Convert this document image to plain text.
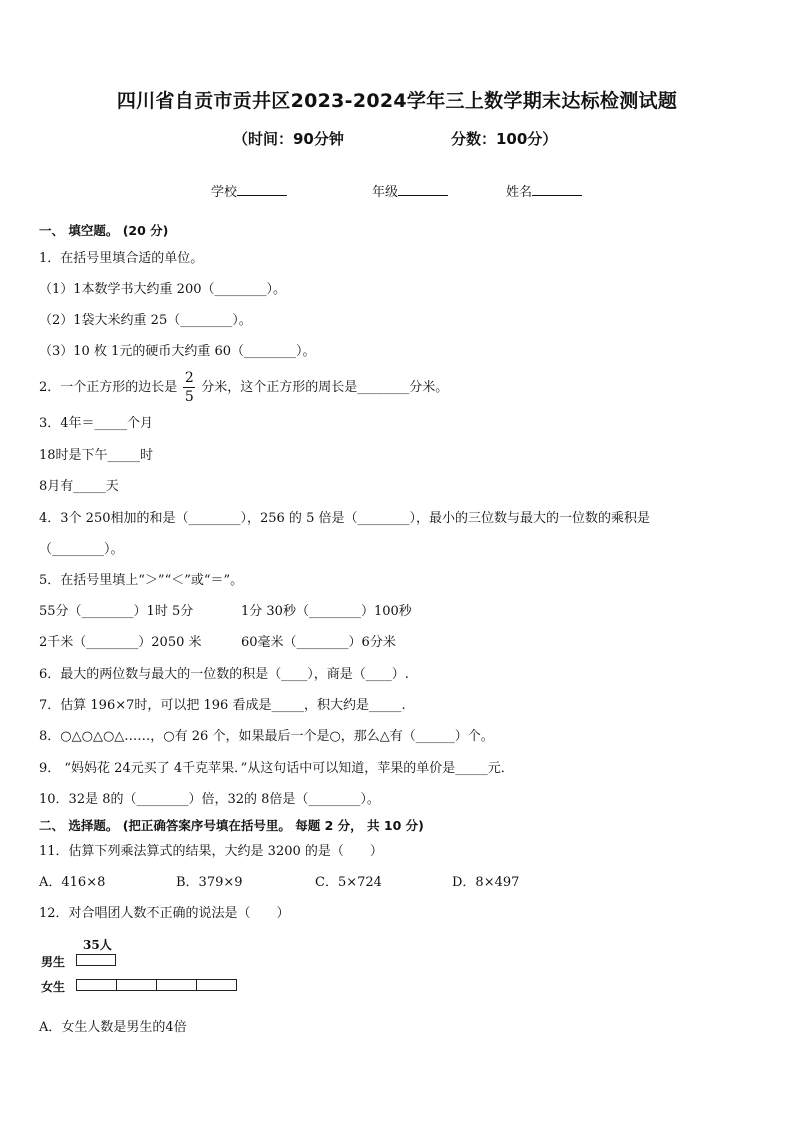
四川省自贡市贡井区2023-2024学年三上数学期末达标检测试题
（时间：90分钟	分数：100分）
学校	年级	姓名
一、 填空题。 (20 分)
1．在括号里填合适的单位。
（1）1本数学书大约重 200（________）。
（2）1袋大米约重 25（________）。
（3）10 枚 1元的硬币大约重 60（________）。
2．一个正方形的边长是 $\frac{2}{5}$ 分米，这个正方形的周长是________分米。
3．4年＝_____个月
18时是下午_____时
8月有_____天
4．3个 250相加的和是（________），256 的 5 倍是（________），最小的三位数与最大的一位数的乘积是
（________）。
5．在括号里填上“＞”“＜”或“＝”。
55分（________）1时 5分	1分 30秒（________）100秒
2千米（________）2050 米	60毫米（________）6分米
6．最大的两位数与最大的一位数的积是（____），商是（____）.
7．估算 196×7时，可以把 196 看成是_____，积大约是_____.
8．○△○△○△……，○有 26 个，如果最后一个是○，那么△有（______）个。
9． “妈妈花 24元买了 4千克苹果．”从这句话中可以知道，苹果的单价是_____元．
10．32是 8的（________）倍，32的 8倍是（________）。
二、 选择题。 (把正确答案序号填在括号里。 每题 2 分， 共 10 分)
11．估算下列乘法算式的结果，大约是 3200 的是（　　）
A．416×8	B．379×9	C．5×724	D．8×497
12．对合唱团人数不正确的说法是（　　）
35人
男生
女生
A．女生人数是男生的4倍
